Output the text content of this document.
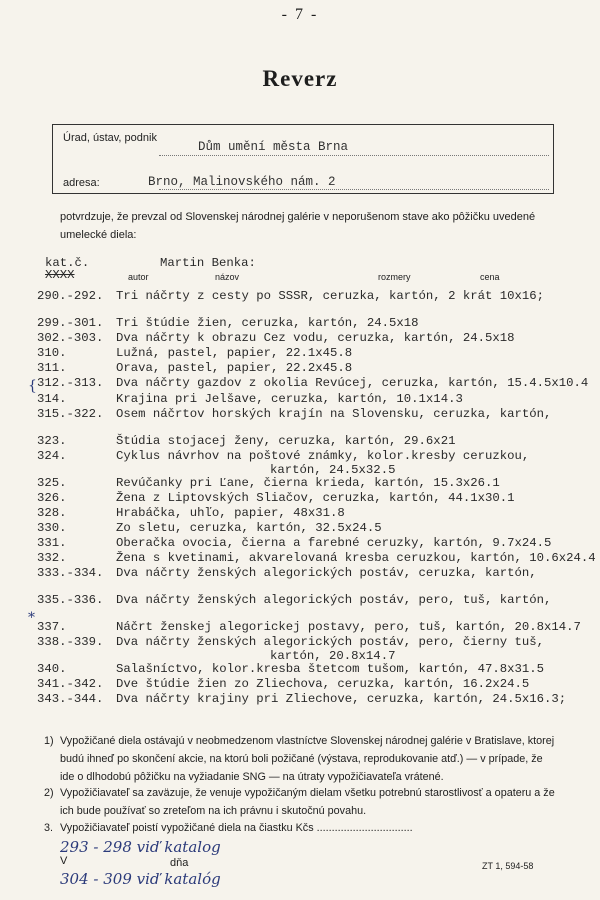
- 7 -
Reverz
Úrad, ústav, podnik
Dům umění města Brna
adresa:	Brno, Malinovského nám. 2
potvrdzuje, že prevzal od Slovenskej národnej galérie v neporušenom stave ako pôžičku uvedené umelecké diela:
kat.č.
XXXX
Martin Benka:
autor	názov	rozmery	cena
290.-292. Tri náčrty z cesty po SSSR, ceruzka, kartón, 2 krát 10x16;
299.-301. Tri štúdie žien, ceruzka, kartón, 24.5x18
302.-303. Dva náčrty k obrazu Cez vodu, ceruzka, kartón, 24.5x18
310.	Lužná, pastel, papier, 22.1x45.8
311.	Orava, pastel, papier, 22.2x45.8
312.-313. Dva náčrty gazdov z okolia Revúcej, ceruzka, kartón, 15.4.5x10.4
314.	Krajina pri Jelšave, ceruzka, kartón, 10.1x14.3
315.-322. Osem náčrtov horských krajín na Slovensku, ceruzka, kartón,
323.	Štúdia stojacej ženy, ceruzka, kartón, 29.6x21
324.	Cyklus návrhov na poštové známky, kolor.kresby ceruzkou,
kartón, 24.5x32.5
325.	Revúčanky pri Ľane, čierna krieda, kartón, 15.3x26.1
326.	Žena z Liptovských Sliačov, ceruzka, kartón, 44.1x30.1
328.	Hrabáčka, uhľo, papier, 48x31.8
330.	Zo sletu, ceruzka, kartón, 32.5x24.5
331.	Oberačka ovocia, čierna a farebné ceruzky, kartón, 9.7x24.5
332.	Žena s kvetinami, akvarelovaná kresba ceruzkou, kartón, 10.6x24.4
333.-334. Dva náčrty ženských alegorických postáv, ceruzka, kartón,
335.-336. Dva náčrty ženských alegorických postáv, pero, tuš, kartón,
337.	Náčrt ženskej alegorickej postavy, pero, tuš, kartón, 20.8x14.7
338.-339. Dva náčrty ženských alegorických postáv, pero, čierny tuš,
kartón, 20.8x14.7
340.	Salašníctvo, kolor.kresba štetcom tušom, kartón, 47.8x31.5
341.-342. Dve štúdie žien zo Zliechova, ceruzka, kartón, 16.2x24.5
343.-344. Dva náčrty krajiny pri Zliechove, ceruzka, kartón, 24.5x16.3;
1) Vypožičané diela ostávajú v neobmedzenom vlastníctve Slovenskej národnej galérie v Bratislave, ktorej budú ihneď po skončení akcie, na ktorú boli požičané (výstava, reprodukovanie atď.) — v prípade, že ide o dlhodobú pôžičku na vyžiadanie SNG — na útraty vypožičiavateľa vrátené.
2) Vypožičiavateľ sa zaväzuje, že venuje vypožičaným dielam všetku potrebnú starostlivosť a opateru a že ich bude používať so zreteľom na ich právnu i skutočnú povahu.
3. Vypožičiavateľ poistí vypožičané diela na čiastku Kčs ................................
293 - 298 viď katalog
V	dňa
304 - 309 viď katalóg
ZT 1, 594-58
{
*
